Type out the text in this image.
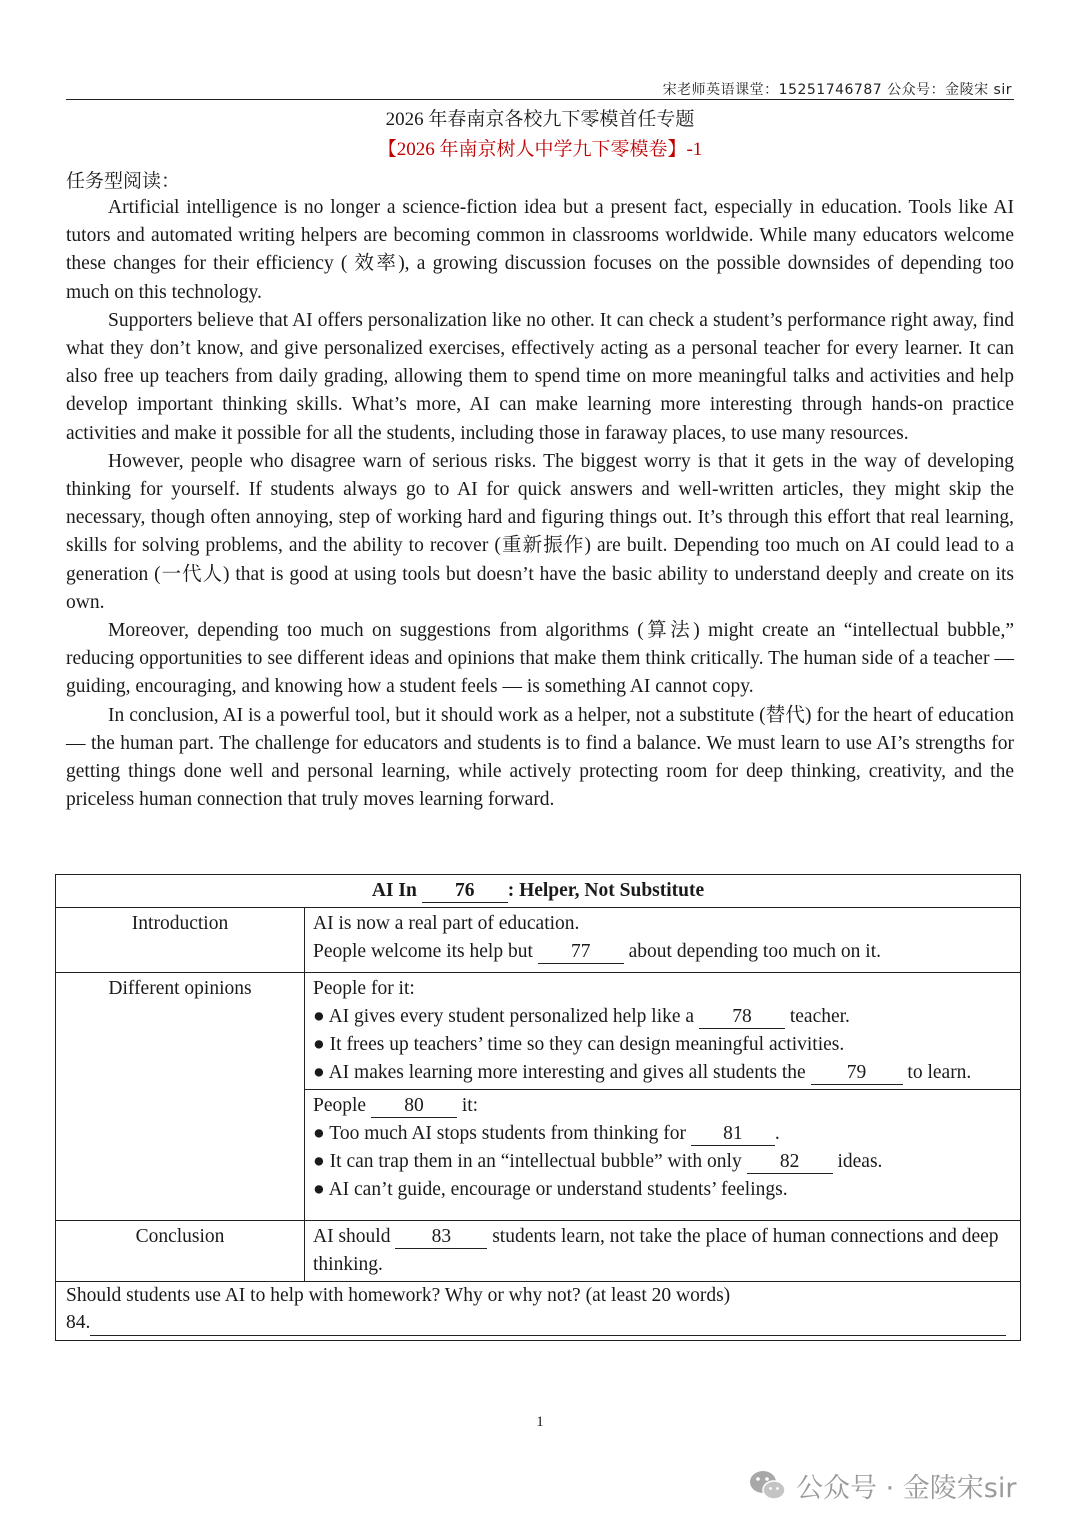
宋老师英语课堂：15251746787 公众号：金陵宋 sir
2026 年春南京各校九下零模首任专题
【2026 年南京树人中学九下零模卷】-1
任务型阅读：

Artificial intelligence is no longer a science-fiction idea but a present fact, especially in education. Tools like AI tutors and automated writing helpers are becoming common in classrooms worldwide. While many educators welcome these changes for their efficiency ( 效率), a growing discussion focuses on the possible downsides of depending too much on this technology.

Supporters believe that AI offers personalization like no other. It can check a student’s performance right away, find what they don’t know, and give personalized exercises, effectively acting as a personal teacher for every learner. It can also free up teachers from daily grading, allowing them to spend time on more meaningful talks and activities and help develop important thinking skills. What’s more, AI can make learning more interesting through hands-on practice activities and make it possible for all the students, including those in faraway places, to use many resources.

However, people who disagree warn of serious risks. The biggest worry is that it gets in the way of developing thinking for yourself. If students always go to AI for quick answers and well-written articles, they might skip the necessary, though often annoying, step of working hard and figuring things out. It’s through this effort that real learning, skills for solving problems, and the ability to recover (重新振作) are built. Depending too much on AI could lead to a generation (一代人) that is good at using tools but doesn’t have the basic ability to understand deeply and create on its own.

Moreover, depending too much on suggestions from algorithms (算法) might create an “intellectual bubble,” reducing opportunities to see different ideas and opinions that make them think critically. The human side of a teacher — guiding, encouraging, and knowing how a student feels — is something AI cannot copy.

In conclusion, AI is a powerful tool, but it should work as a helper, not a substitute (替代) for the heart of education — the human part. The challenge for educators and students is to find a balance. We must learn to use AI’s strengths for getting things done well and personal learning, while actively protecting room for deep thinking, creativity, and the priceless human connection that truly moves learning forward.

AI In 76 : Helper, Not Substitute	
Introduction	AI is now a real part of education.
People welcome its help but 77 about depending too much on it.

Different opinions	People for it:
● AI gives every student personalized help like a 78 teacher.
● It frees up teachers’ time so they can design meaningful activities.
● AI makes learning more interesting and gives all students the 79 to learn.

	People 80 it:
● Too much AI stops students from thinking for 81 .
● It can trap them in an “intellectual bubble” with only 82 ideas.
● AI can’t guide, encourage or understand students’ feelings.

Conclusion	AI should 83 students learn, not take the place of human connections and deep thinking.

Should students use AI to help with homework? Why or why not? (at least 20 words)
84.	
1
公众号 · 金陵宋sir
